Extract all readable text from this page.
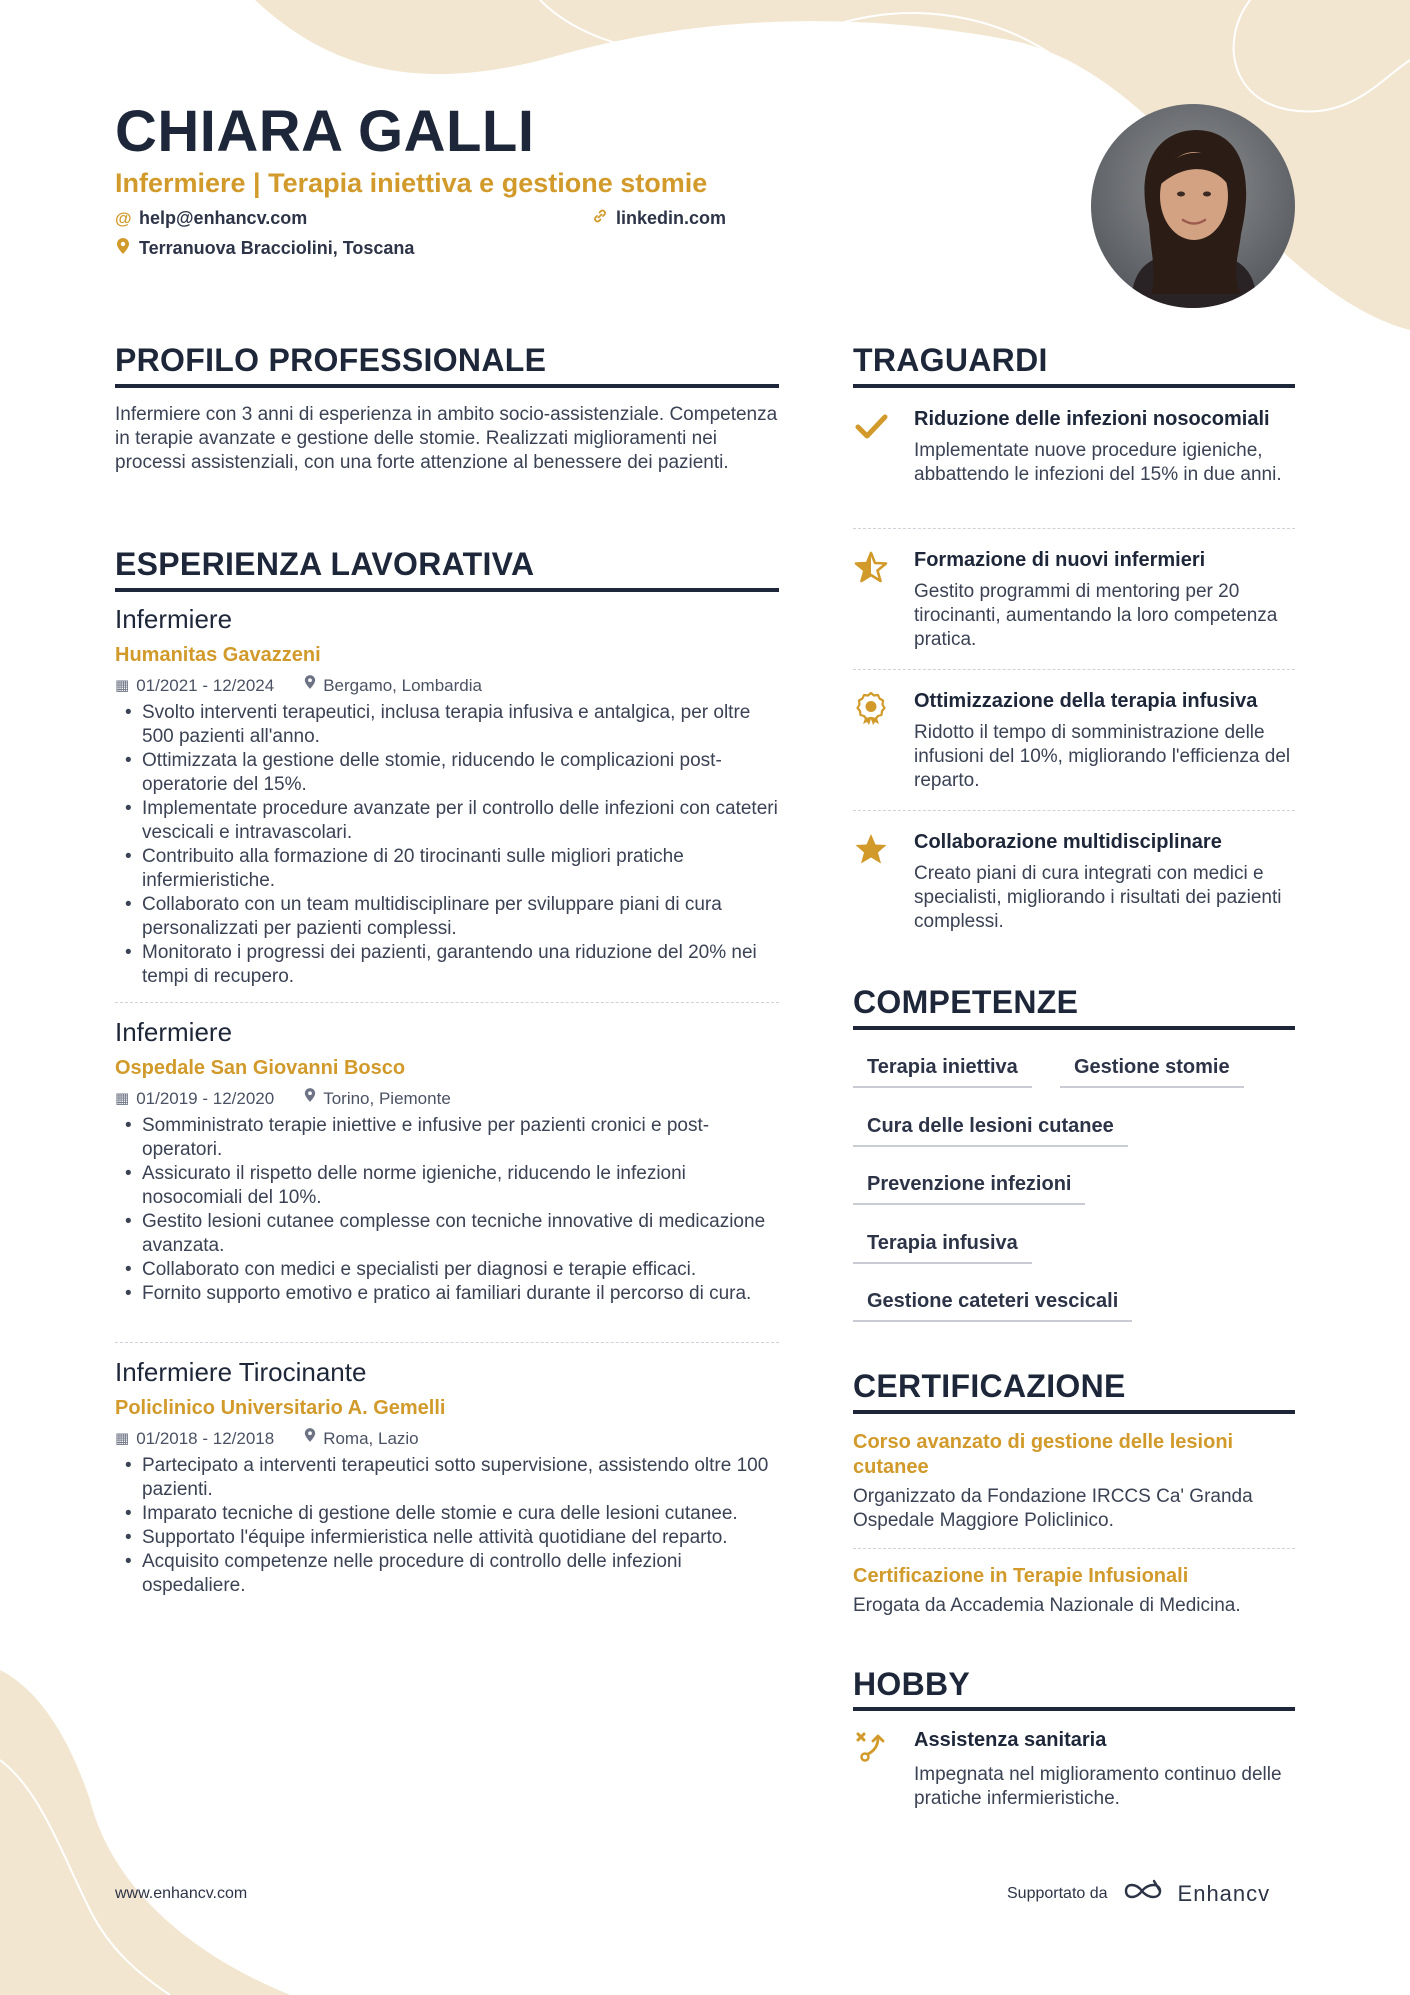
CHIARA GALLI
Infermiere | Terapia iniettiva e gestione stomie
@ help@enhancv.com	linkedin.com
Terranuova Bracciolini, Toscana
PROFILO PROFESSIONALE
Infermiere con 3 anni di esperienza in ambito socio-assistenziale. Competenza in terapie avanzate e gestione delle stomie. Realizzati miglioramenti nei processi assistenziali, con una forte attenzione al benessere dei pazienti.
ESPERIENZA LAVORATIVA
Infermiere
Humanitas Gavazzeni
▦ 01/2021 - 12/2024	Bergamo, Lombardia
• Svolto interventi terapeutici, inclusa terapia infusiva e antalgica, per oltre 500 pazienti all'anno.
• Ottimizzata la gestione delle stomie, riducendo le complicazioni post-operatorie del 15%.
• Implementate procedure avanzate per il controllo delle infezioni con cateteri vescicali e intravascolari.
• Contribuito alla formazione di 20 tirocinanti sulle migliori pratiche infermieristiche.
• Collaborato con un team multidisciplinare per sviluppare piani di cura personalizzati per pazienti complessi.
• Monitorato i progressi dei pazienti, garantendo una riduzione del 20% nei tempi di recupero.
Infermiere
Ospedale San Giovanni Bosco
▦ 01/2019 - 12/2020	Torino, Piemonte
• Somministrato terapie iniettive e infusive per pazienti cronici e post-operatori.
• Assicurato il rispetto delle norme igieniche, riducendo le infezioni nosocomiali del 10%.
• Gestito lesioni cutanee complesse con tecniche innovative di medicazione avanzata.
• Collaborato con medici e specialisti per diagnosi e terapie efficaci.
• Fornito supporto emotivo e pratico ai familiari durante il percorso di cura.
Infermiere Tirocinante
Policlinico Universitario A. Gemelli
▦ 01/2018 - 12/2018	Roma, Lazio
• Partecipato a interventi terapeutici sotto supervisione, assistendo oltre 100 pazienti.
• Imparato tecniche di gestione delle stomie e cura delle lesioni cutanee.
• Supportato l'équipe infermieristica nelle attività quotidiane del reparto.
• Acquisito competenze nelle procedure di controllo delle infezioni ospedaliere.
TRAGUARDI
Riduzione delle infezioni nosocomiali
Implementate nuove procedure igieniche, abbattendo le infezioni del 15% in due anni.
Formazione di nuovi infermieri
Gestito programmi di mentoring per 20 tirocinanti, aumentando la loro competenza pratica.
Ottimizzazione della terapia infusiva
Ridotto il tempo di somministrazione delle infusioni del 10%, migliorando l'efficienza del reparto.
Collaborazione multidisciplinare
Creato piani di cura integrati con medici e specialisti, migliorando i risultati dei pazienti complessi.
COMPETENZE
Terapia iniettiva	Gestione stomie
Cura delle lesioni cutanee
Prevenzione infezioni
Terapia infusiva
Gestione cateteri vescicali
CERTIFICAZIONE
Corso avanzato di gestione delle lesioni cutanee
Organizzato da Fondazione IRCCS Ca' Granda Ospedale Maggiore Policlinico.
Certificazione in Terapie Infusionali
Erogata da Accademia Nazionale di Medicina.
HOBBY
Assistenza sanitaria
Impegnata nel miglioramento continuo delle pratiche infermieristiche.
www.enhancv.com	Supportato da	Enhancv
